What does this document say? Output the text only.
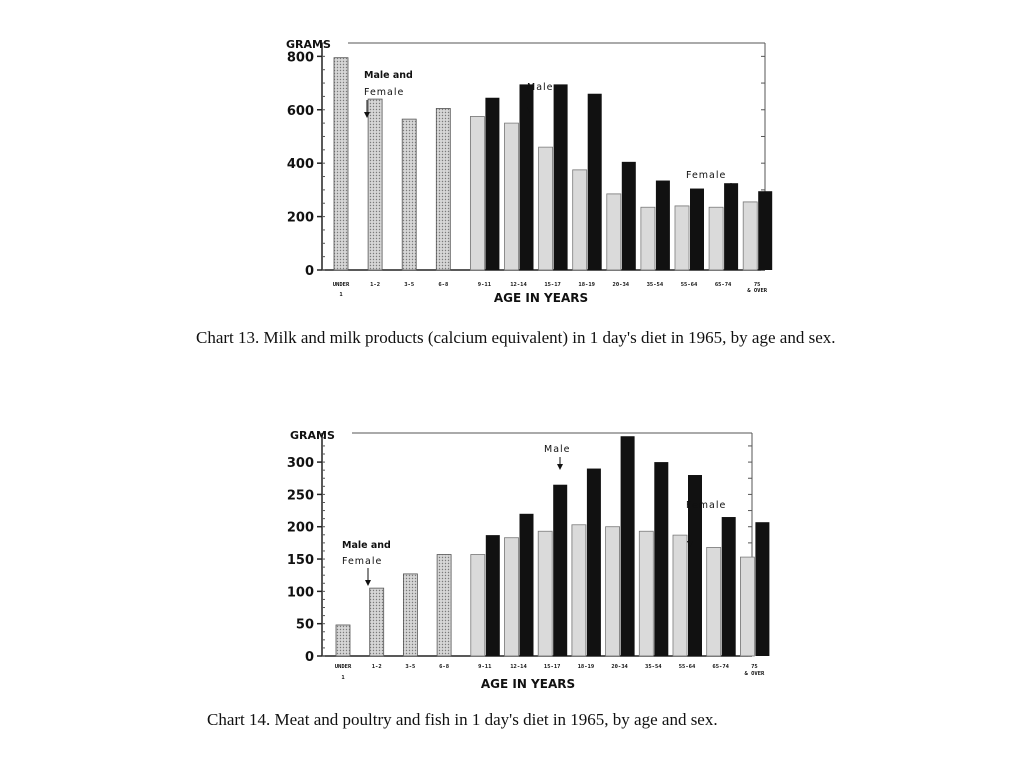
GRAMS
0
200
400
600
800
UNDER
1
1-2	3-5	6-8	9-11	12-14	15-17	18-19	20-34	35-54	55-64	65-74	75
& OVER
AGE IN YEARS
Male and
Female	Male
Female

Chart 13. Milk and milk products (calcium equivalent) in 1 day's diet in 1965, by age and sex.

GRAMS
0
50
100
150
200
250
300
UNDER
1
1-2	3-5	6-8	9-11	12-14	15-17	18-19	20-34	35-54	55-64	65-74	75
& OVER
AGE IN YEARS
Male and
Female
Male
Female

Chart 14. Meat and poultry and fish in 1 day's diet in 1965, by age and sex.
